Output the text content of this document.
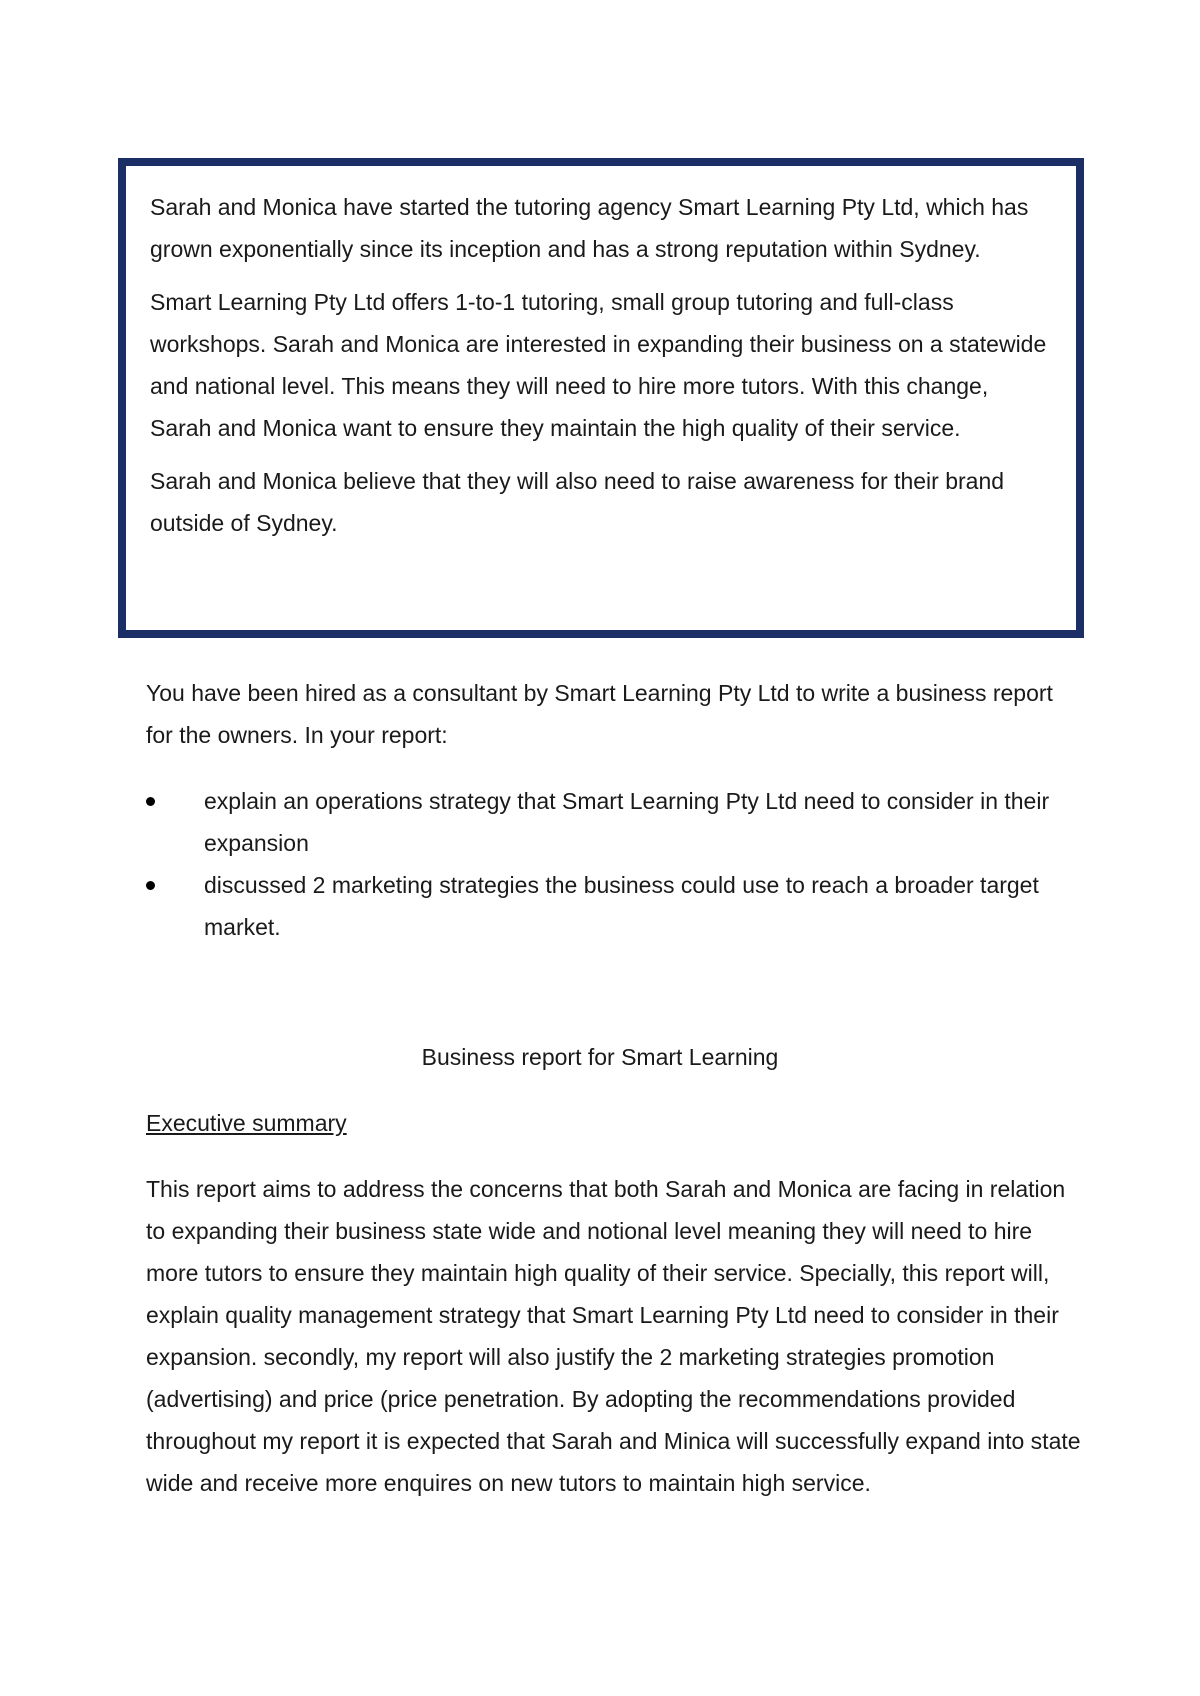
Sarah and Monica have started the tutoring agency Smart Learning Pty Ltd, which has grown exponentially since its inception and has a strong reputation within Sydney.

Smart Learning Pty Ltd offers 1-to-1 tutoring, small group tutoring and full-class workshops. Sarah and Monica are interested in expanding their business on a statewide and national level. This means they will need to hire more tutors. With this change, Sarah and Monica want to ensure they maintain the high quality of their service.

Sarah and Monica believe that they will also need to raise awareness for their brand outside of Sydney.

You have been hired as a consultant by Smart Learning Pty Ltd to write a business report for the owners. In your report:

explain an operations strategy that Smart Learning Pty Ltd need to consider in their expansion
discussed 2 marketing strategies the business could use to reach a broader target market.
Business report for Smart Learning
Executive summary

This report aims to address the concerns that both Sarah and Monica are facing in relation to expanding their business state wide and notional level meaning they will need to hire more tutors to ensure they maintain high quality of their service. Specially, this report will, explain quality management strategy that Smart Learning Pty Ltd need to consider in their expansion. secondly, my report will also justify the 2 marketing strategies promotion (advertising) and price (price penetration. By adopting the recommendations provided throughout my report it is expected that Sarah and Minica will successfully expand into state wide and receive more enquires on new tutors to maintain high service.
